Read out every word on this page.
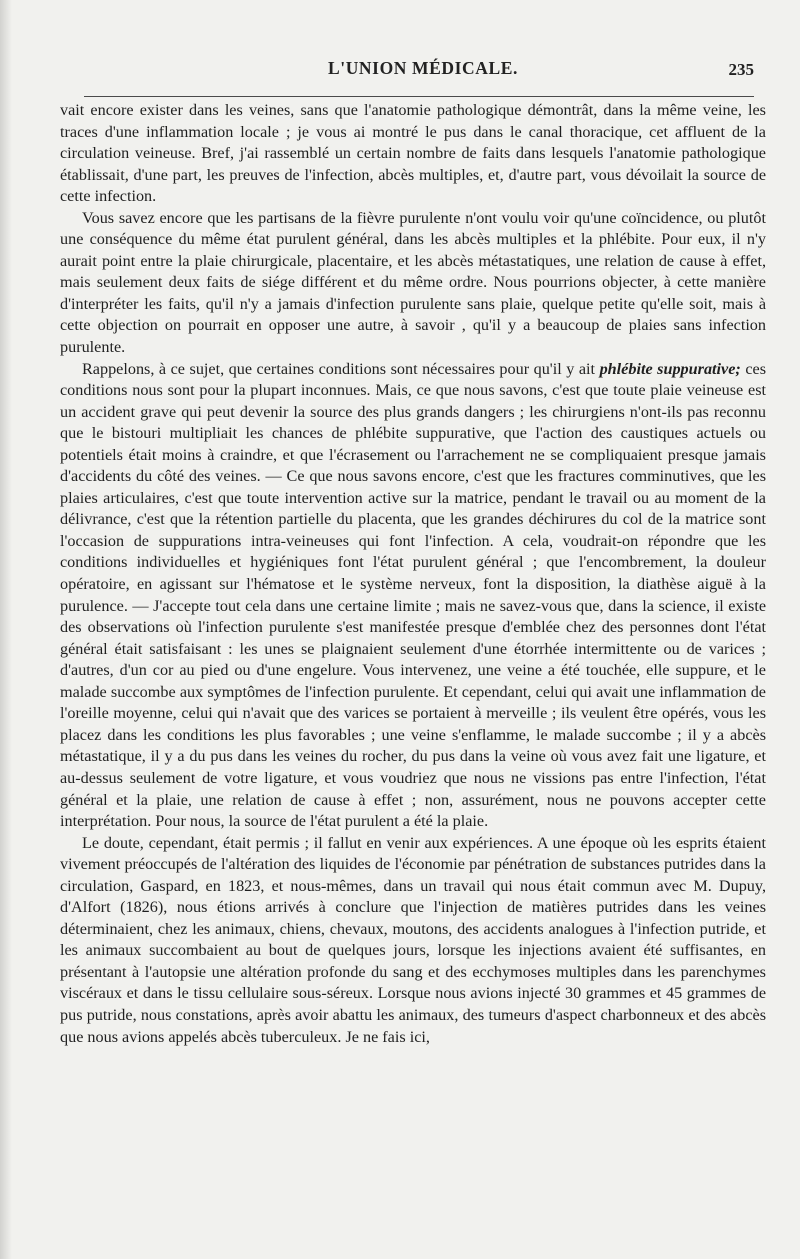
L'UNION MÉDICALE.	235

vait encore exister dans les veines, sans que l'anatomie pathologique démontrât, dans la même veine, les traces d'une inflammation locale ; je vous ai montré le pus dans le canal thoracique, cet affluent de la circulation veineuse. Bref, j'ai rassemblé un certain nombre de faits dans lesquels l'anatomie pathologique établissait, d'une part, les preuves de l'infection, abcès multiples, et, d'autre part, vous dévoilait la source de cette infection.

Vous savez encore que les partisans de la fièvre purulente n'ont voulu voir qu'une coïncidence, ou plutôt une conséquence du même état purulent général, dans les abcès multiples et la phlébite. Pour eux, il n'y aurait point entre la plaie chirurgicale, placentaire, et les abcès métastatiques, une relation de cause à effet, mais seulement deux faits de siége différent et du même ordre. Nous pourrions objecter, à cette manière d'interpréter les faits, qu'il n'y a jamais d'infection purulente sans plaie, quelque petite qu'elle soit, mais à cette objection on pourrait en opposer une autre, à savoir , qu'il y a beaucoup de plaies sans infection purulente.

Rappelons, à ce sujet, que certaines conditions sont nécessaires pour qu'il y ait phlébite suppurative; ces conditions nous sont pour la plupart inconnues. Mais, ce que nous savons, c'est que toute plaie veineuse est un accident grave qui peut devenir la source des plus grands dangers ; les chirurgiens n'ont-ils pas reconnu que le bistouri multipliait les chances de phlébite suppurative, que l'action des caustiques actuels ou potentiels était moins à craindre, et que l'écrasement ou l'arrachement ne se compliquaient presque jamais d'accidents du côté des veines. — Ce que nous savons encore, c'est que les fractures comminutives, que les plaies articulaires, c'est que toute intervention active sur la matrice, pendant le travail ou au moment de la délivrance, c'est que la rétention partielle du placenta, que les grandes déchirures du col de la matrice sont l'occasion de suppurations intra-veineuses qui font l'infection. A cela, voudrait-on répondre que les conditions individuelles et hygiéniques font l'état purulent général ; que l'encombrement, la douleur opératoire, en agissant sur l'hématose et le système nerveux, font la disposition, la diathèse aiguë à la purulence. — J'accepte tout cela dans une certaine limite ; mais ne savez-vous que, dans la science, il existe des observations où l'infection purulente s'est manifestée presque d'emblée chez des personnes dont l'état général était satisfaisant : les unes se plaignaient seulement d'une étorrhée intermittente ou de varices ; d'autres, d'un cor au pied ou d'une engelure. Vous intervenez, une veine a été touchée, elle suppure, et le malade succombe aux symptômes de l'infection purulente. Et cependant, celui qui avait une inflammation de l'oreille moyenne, celui qui n'avait que des varices se portaient à merveille ; ils veulent être opérés, vous les placez dans les conditions les plus favorables ; une veine s'enflamme, le malade succombe ; il y a abcès métastatique, il y a du pus dans les veines du rocher, du pus dans la veine où vous avez fait une ligature, et au-dessus seulement de votre ligature, et vous voudriez que nous ne vissions pas entre l'infection, l'état général et la plaie, une relation de cause à effet ; non, assurément, nous ne pouvons accepter cette interprétation. Pour nous, la source de l'état purulent a été la plaie.

Le doute, cependant, était permis ; il fallut en venir aux expériences. A une époque où les esprits étaient vivement préoccupés de l'altération des liquides de l'économie par pénétration de substances putrides dans la circulation, Gaspard, en 1823, et nous-mêmes, dans un travail qui nous était commun avec M. Dupuy, d'Alfort (1826), nous étions arrivés à conclure que l'injection de matières putrides dans les veines déterminaient, chez les animaux, chiens, chevaux, moutons, des accidents analogues à l'infection putride, et les animaux succombaient au bout de quelques jours, lorsque les injections avaient été suffisantes, en présentant à l'autopsie une altération profonde du sang et des ecchymoses multiples dans les parenchymes viscéraux et dans le tissu cellulaire sous-séreux. Lorsque nous avions injecté 30 grammes et 45 grammes de pus putride, nous constations, après avoir abattu les animaux, des tumeurs d'aspect charbonneux et des abcès que nous avions appelés abcès tuberculeux. Je ne fais ici,
